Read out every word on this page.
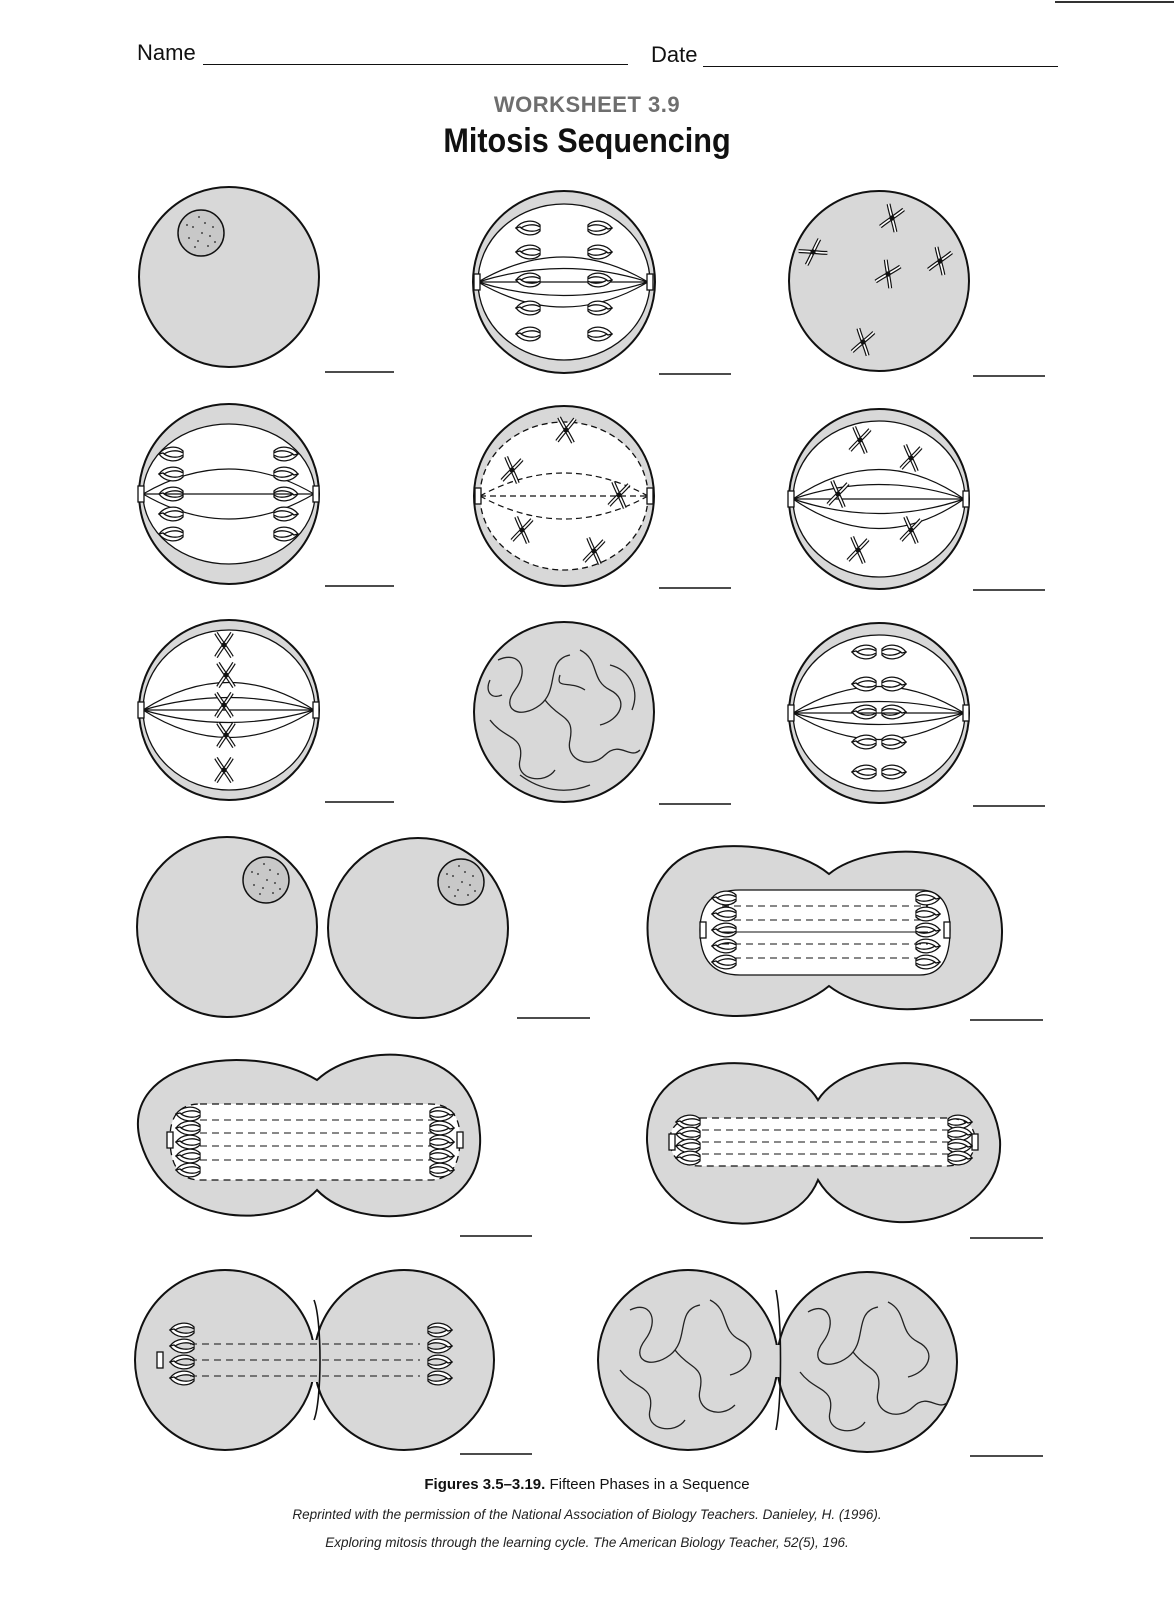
Name	Date
WORKSHEET 3.9
Mitosis Sequencing
Figures 3.5–3.19. Fifteen Phases in a Sequence
Reprinted with the permission of the National Association of Biology Teachers. Danieley, H. (1996).
Exploring mitosis through the learning cycle. The American Biology Teacher, 52(5), 196.
